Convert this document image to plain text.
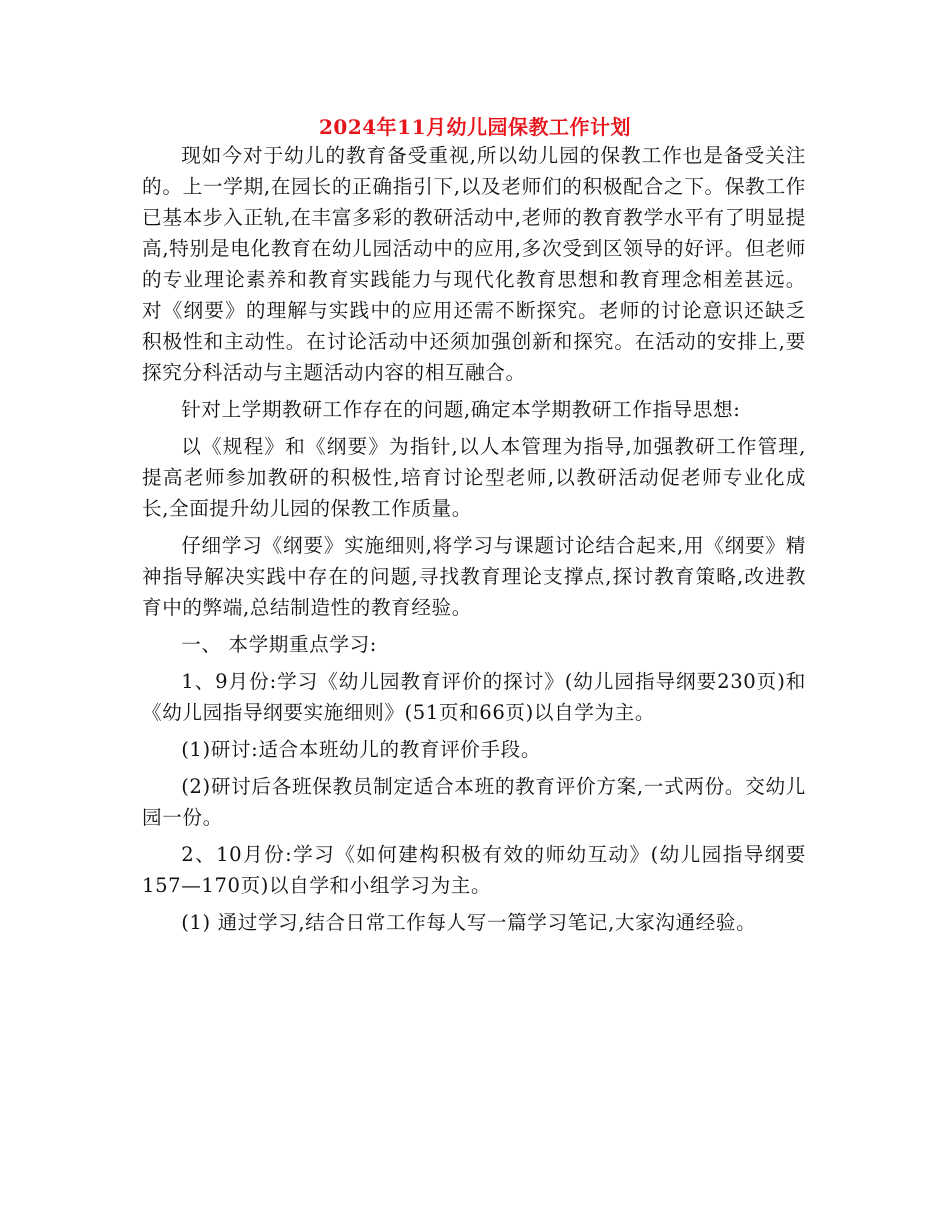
2024年11月幼儿园保教工作计划

现如今对于幼儿的教育备受重视,所以幼儿园的保教工作也是备受关注的。上一学期,在园长的正确指引下,以及老师们的积极配合之下。保教工作已基本步入正轨,在丰富多彩的教研活动中,老师的教育教学水平有了明显提高,特别是电化教育在幼儿园活动中的应用,多次受到区领导的好评。但老师的专业理论素养和教育实践能力与现代化教育思想和教育理念相差甚远。对《纲要》的理解与实践中的应用还需不断探究。老师的讨论意识还缺乏积极性和主动性。在讨论活动中还须加强创新和探究。在活动的安排上,要探究分科活动与主题活动内容的相互融合。

针对上学期教研工作存在的问题,确定本学期教研工作指导思想:

以《规程》和《纲要》为指针,以人本管理为指导,加强教研工作管理,提高老师参加教研的积极性,培育讨论型老师,以教研活动促老师专业化成长,全面提升幼儿园的保教工作质量。

仔细学习《纲要》实施细则,将学习与课题讨论结合起来,用《纲要》精神指导解决实践中存在的问题,寻找教育理论支撑点,探讨教育策略,改进教育中的弊端,总结制造性的教育经验。

一、 本学期重点学习:

1、9月份:学习《幼儿园教育评价的探讨》(幼儿园指导纲要230页)和《幼儿园指导纲要实施细则》(51页和66页)以自学为主。

(1)研讨:适合本班幼儿的教育评价手段。

(2)研讨后各班保教员制定适合本班的教育评价方案,一式两份。交幼儿园一份。

2、10月份:学习《如何建构积极有效的师幼互动》(幼儿园指导纲要157—170页)以自学和小组学习为主。

(1) 通过学习,结合日常工作每人写一篇学习笔记,大家沟通经验。
